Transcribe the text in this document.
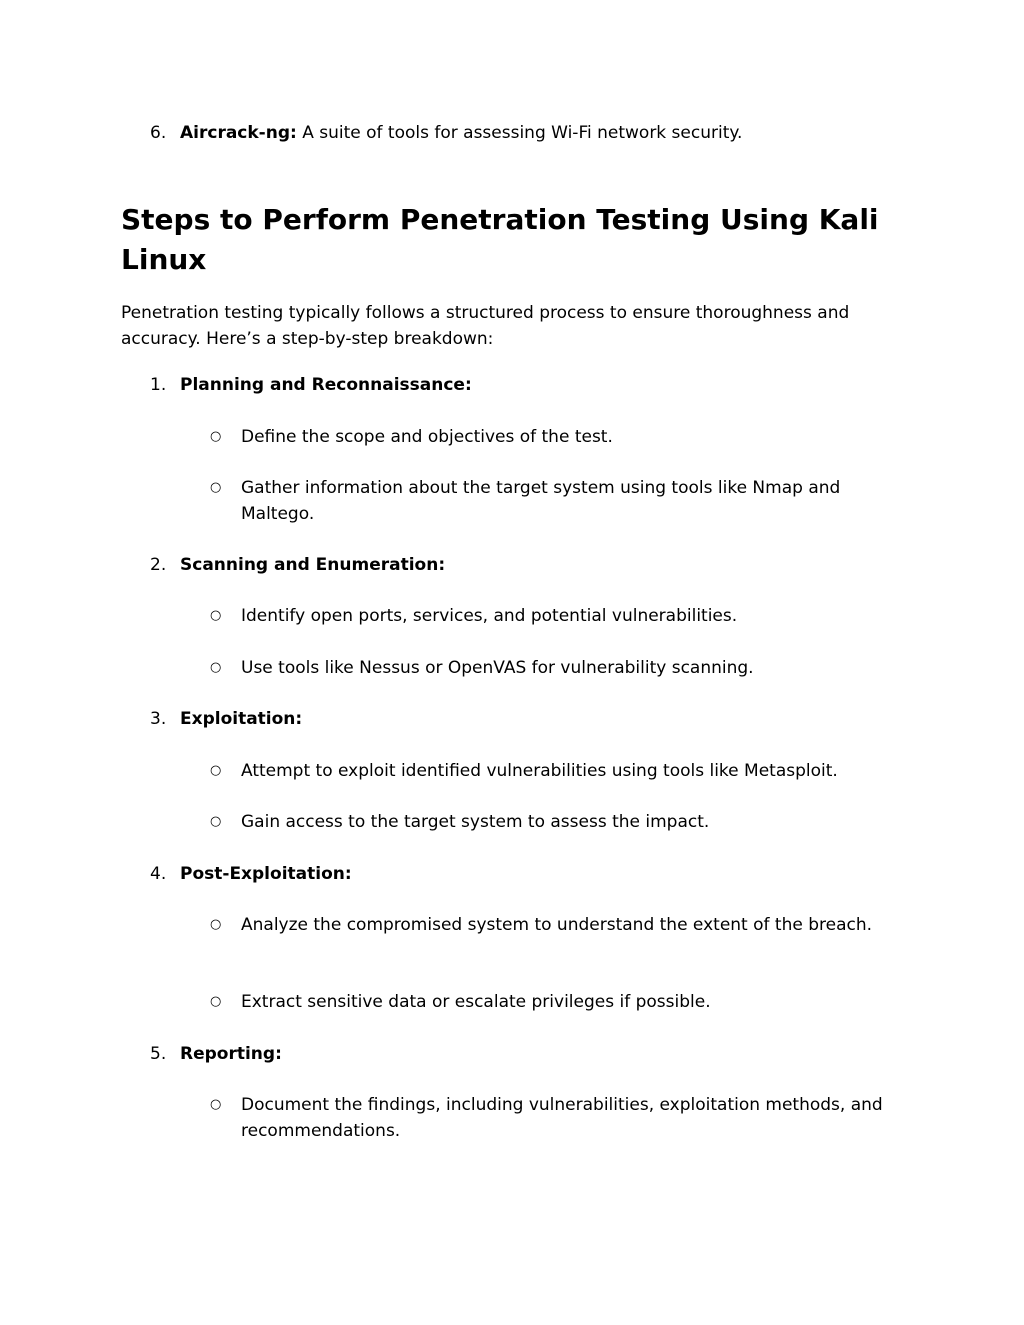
6. Aircrack-ng: A suite of tools for assessing Wi-Fi network security.
Steps to Perform Penetration Testing Using Kali Linux

Penetration testing typically follows a structured process to ensure thoroughness and accuracy. Here’s a step-by-step breakdown:

1. Planning and Reconnaissance:
○	Define the scope and objectives of the test.
○	Gather information about the target system using tools like Nmap and Maltego.
2. Scanning and Enumeration:
○	Identify open ports, services, and potential vulnerabilities.
○	Use tools like Nessus or OpenVAS for vulnerability scanning.
3. Exploitation:
○	Attempt to exploit identified vulnerabilities using tools like Metasploit.
○	Gain access to the target system to assess the impact.
4. Post-Exploitation:
○	Analyze the compromised system to understand the extent of the breach.
○	Extract sensitive data or escalate privileges if possible.
5. Reporting:
○	Document the findings, including vulnerabilities, exploitation methods, and recommendations.
